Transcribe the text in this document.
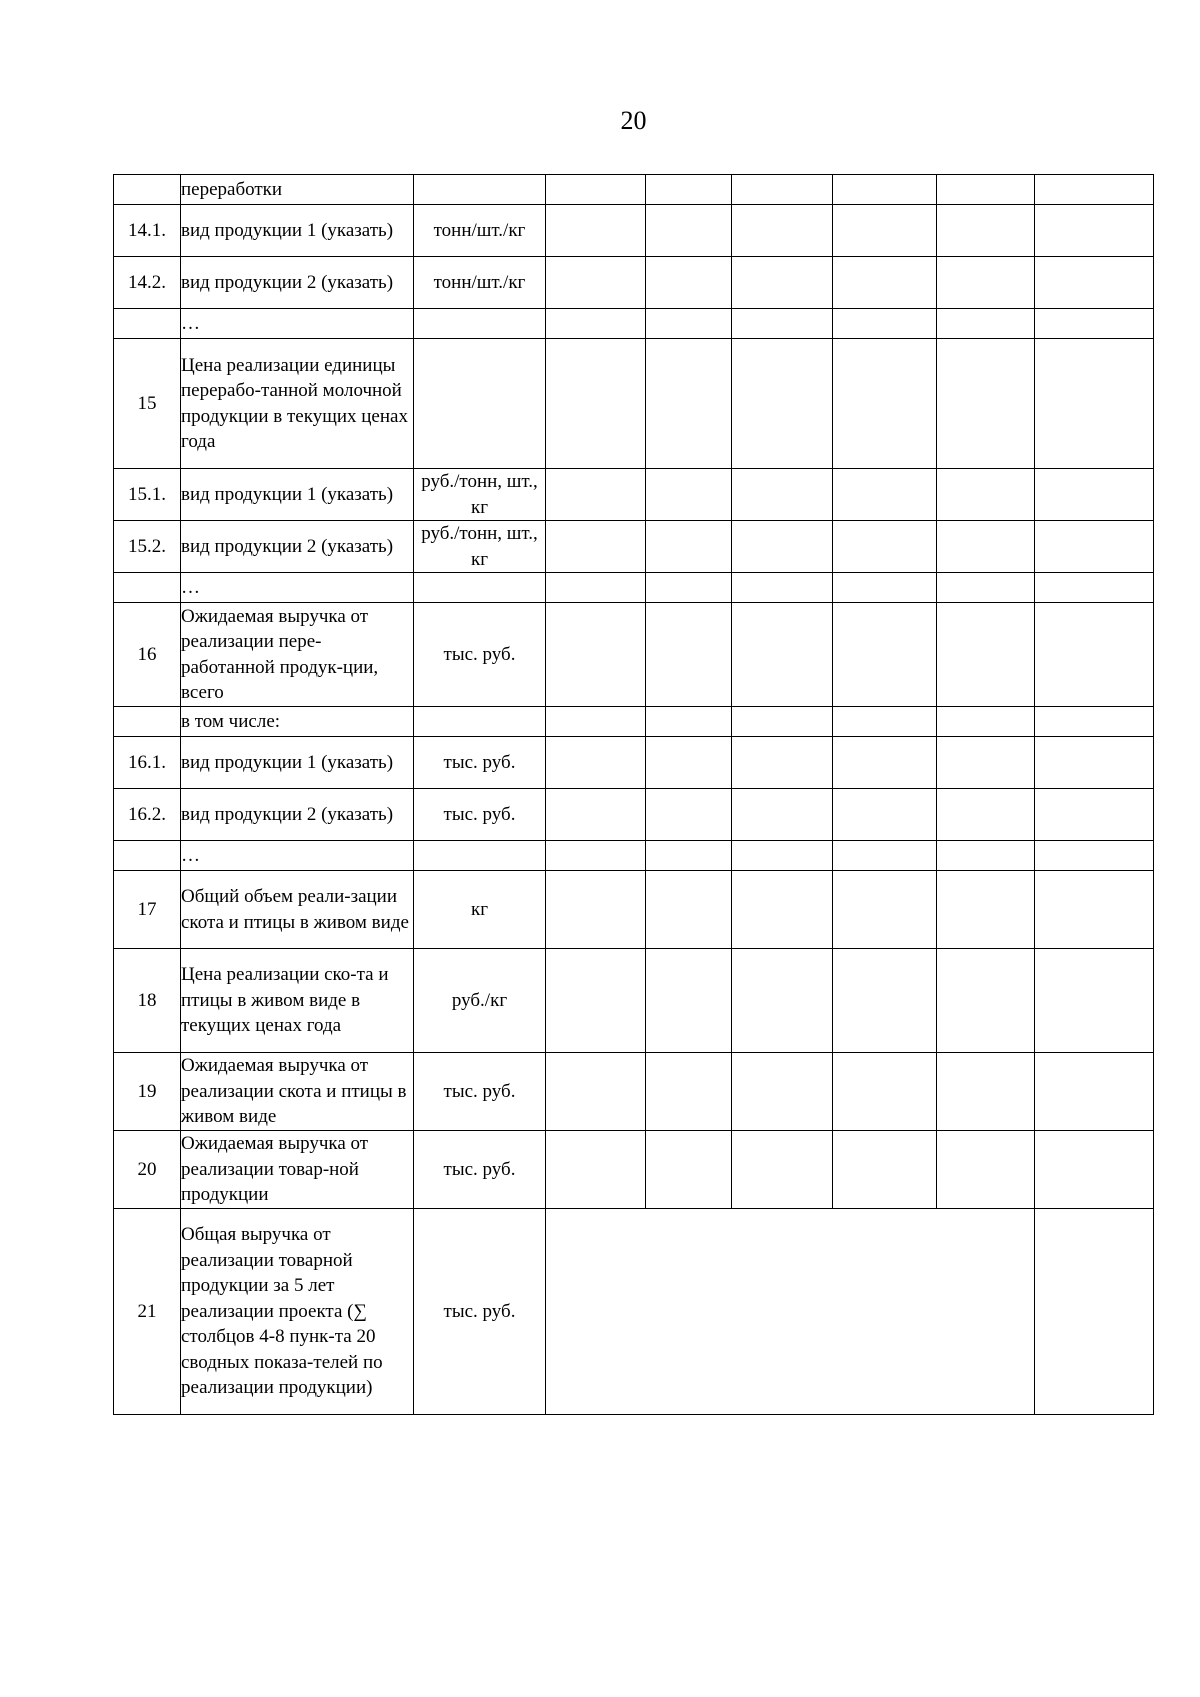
20
	переработки							
14.1.	вид продукции 1 (указать)	тонн/шт./кг						
14.2.	вид продукции 2 (указать)	тонн/шт./кг						
	…							
15	Цена реализации единицы перерабо-танной молочной продукции в текущих ценах года							
15.1.	вид продукции 1 (указать)	руб./тонн, шт., кг						
15.2.	вид продукции 2 (указать)	руб./тонн, шт., кг						
	…							
16	Ожидаемая выручка от реализации пере-работанной продук-ции, всего	тыс. руб.						
	в том числе:							
16.1.	вид продукции 1 (указать)	тыс. руб.						
16.2.	вид продукции 2 (указать)	тыс. руб.						
	…							
17	Общий объем реали-зации скота и птицы в живом виде	кг						
18	Цена реализации ско-та и птицы в живом виде в текущих ценах года	руб./кг						
19	Ожидаемая выручка от реализации скота и птицы в живом виде	тыс. руб.						
20	Ожидаемая выручка от реализации товар-ной продукции	тыс. руб.						
21	Общая выручка от реализации товарной продукции за 5 лет реализации проекта (∑ столбцов 4-8 пунк-та 20 сводных показа-телей по реализации продукции)	тыс. руб.						
